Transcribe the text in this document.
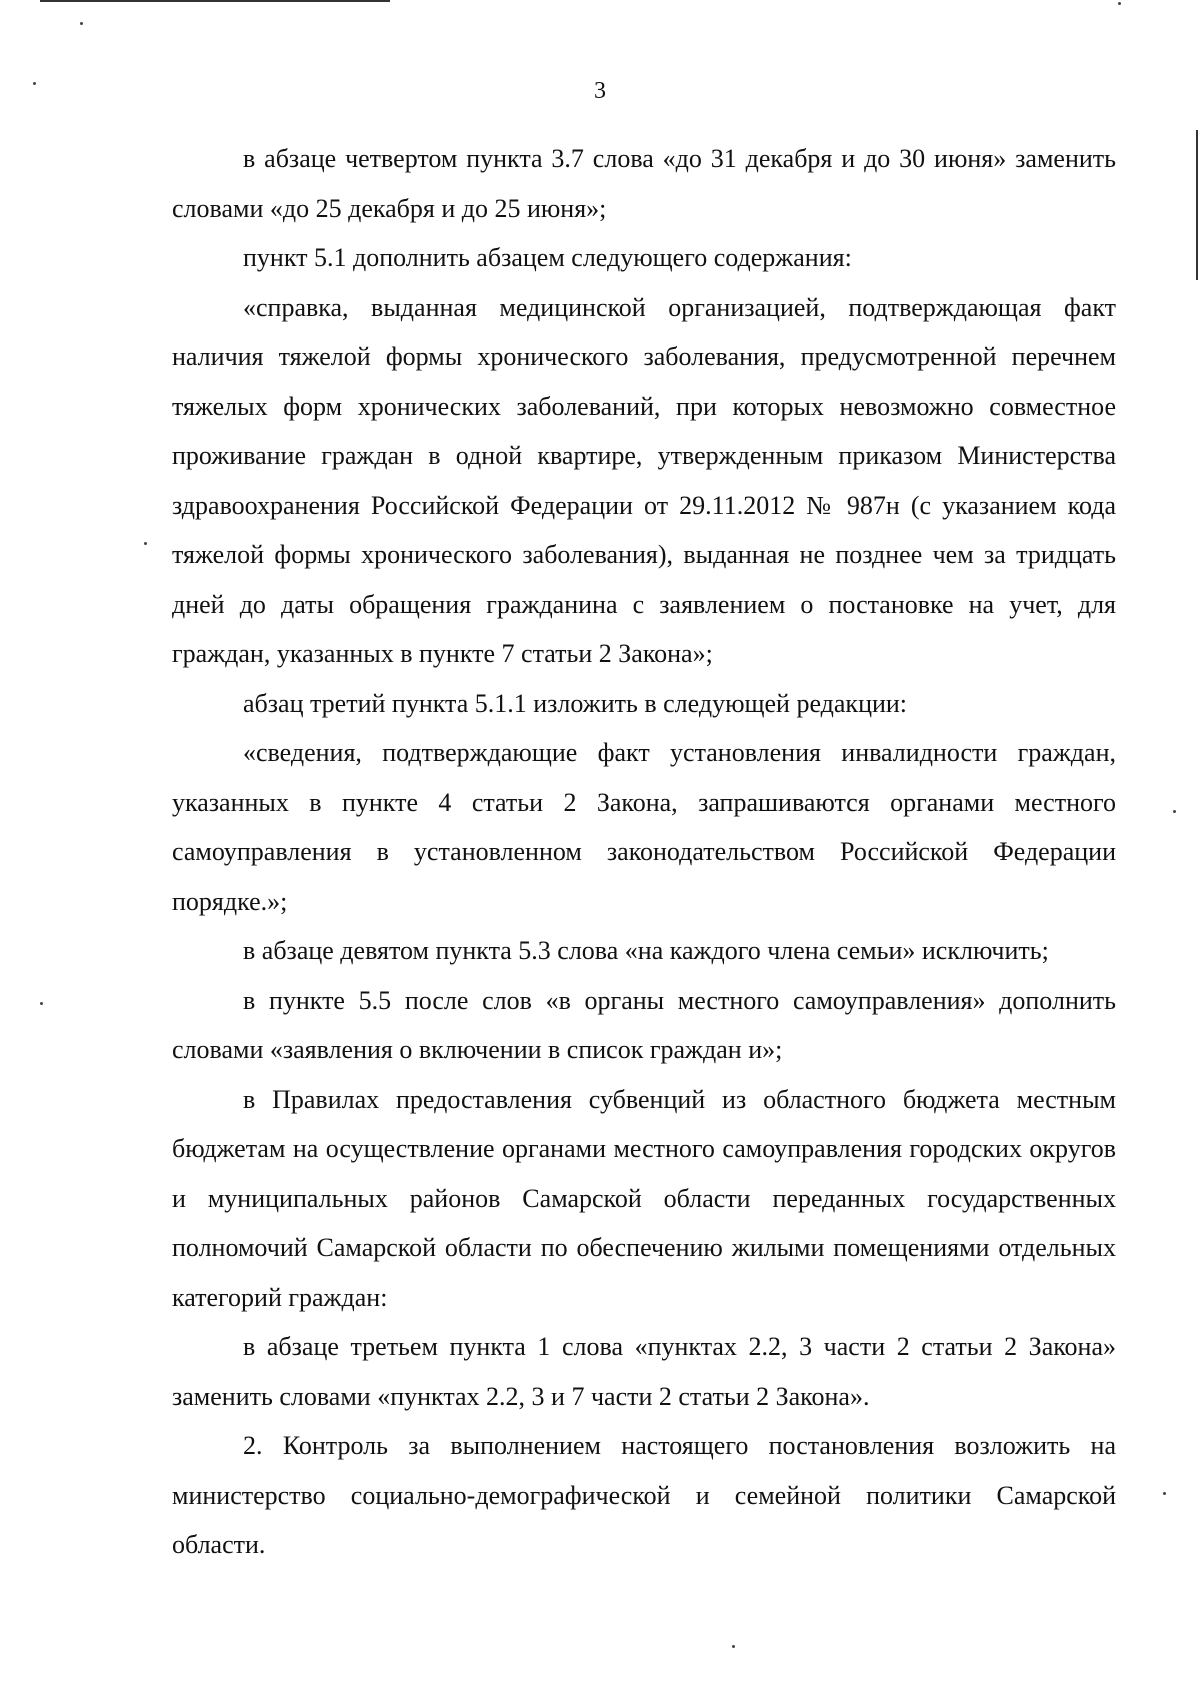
3

в абзаце четвертом пункта 3.7 слова «до 31 декабря и до 30 июня» заменить словами «до 25 декабря и до 25 июня»;

пункт 5.1 дополнить абзацем следующего содержания:

«справка, выданная медицинской организацией, подтверждающая факт наличия тяжелой формы хронического заболевания, предусмотренной перечнем тяжелых форм хронических заболеваний, при которых невозможно совместное проживание граждан в одной квартире, утвержденным приказом Министерства здравоохранения Российской Федерации от 29.11.2012 № 987н (с указанием кода тяжелой формы хронического заболевания), выданная не позднее чем за тридцать дней до даты обращения гражданина с заявлением о постановке на учет, для граждан, указанных в пункте 7 статьи 2 Закона»;

абзац третий пункта 5.1.1 изложить в следующей редакции:

«сведения, подтверждающие факт установления инвалидности граждан, указанных в пункте 4 статьи 2 Закона, запрашиваются органами местного самоуправления в установленном законодательством Российской Федерации порядке.»;

в абзаце девятом пункта 5.3 слова «на каждого члена семьи» исключить;

в пункте 5.5 после слов «в органы местного самоуправления» дополнить словами «заявления о включении в список граждан и»;

в Правилах предоставления субвенций из областного бюджета местным бюджетам на осуществление органами местного самоуправления городских округов и муниципальных районов Самарской области переданных государственных полномочий Самарской области по обеспечению жилыми помещениями отдельных категорий граждан:

в абзаце третьем пункта 1 слова «пунктах 2.2, 3 части 2 статьи 2 Закона» заменить словами «пунктах 2.2, 3 и 7 части 2 статьи 2 Закона».

2. Контроль за выполнением настоящего постановления возложить на министерство социально-демографической и семейной политики Самарской области.
